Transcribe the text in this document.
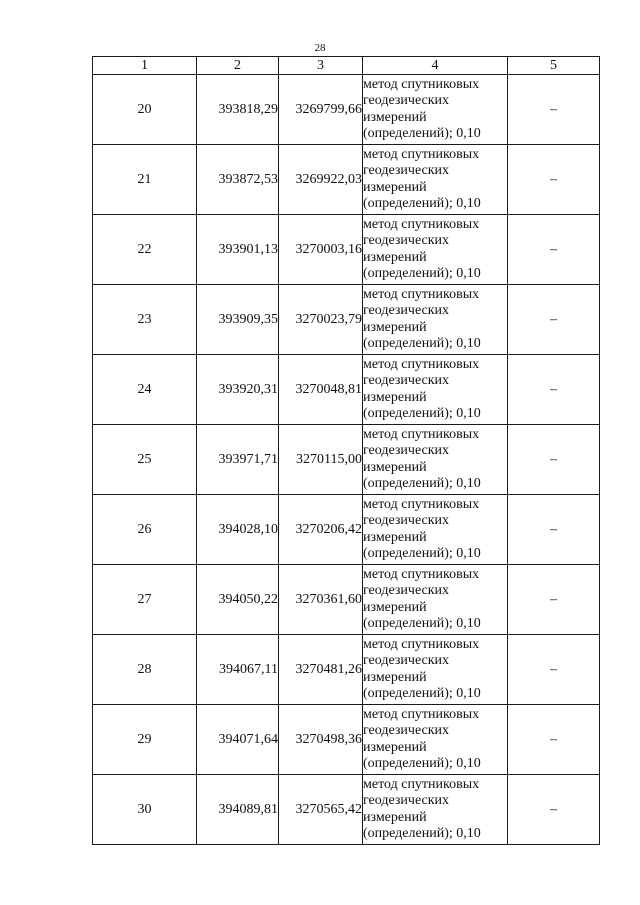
28
1	2	3	4	5
20	393818,29	3269799,66	метод спутниковых
геодезических
измерений
(определений); 0,10	–
21	393872,53	3269922,03	метод спутниковых
геодезических
измерений
(определений); 0,10	–
22	393901,13	3270003,16	метод спутниковых
геодезических
измерений
(определений); 0,10	–
23	393909,35	3270023,79	метод спутниковых
геодезических
измерений
(определений); 0,10	–
24	393920,31	3270048,81	метод спутниковых
геодезических
измерений
(определений); 0,10	–
25	393971,71	3270115,00	метод спутниковых
геодезических
измерений
(определений); 0,10	–
26	394028,10	3270206,42	метод спутниковых
геодезических
измерений
(определений); 0,10	–
27	394050,22	3270361,60	метод спутниковых
геодезических
измерений
(определений); 0,10	–
28	394067,11	3270481,26	метод спутниковых
геодезических
измерений
(определений); 0,10	–
29	394071,64	3270498,36	метод спутниковых
геодезических
измерений
(определений); 0,10	–
30	394089,81	3270565,42	метод спутниковых
геодезических
измерений
(определений); 0,10	–
